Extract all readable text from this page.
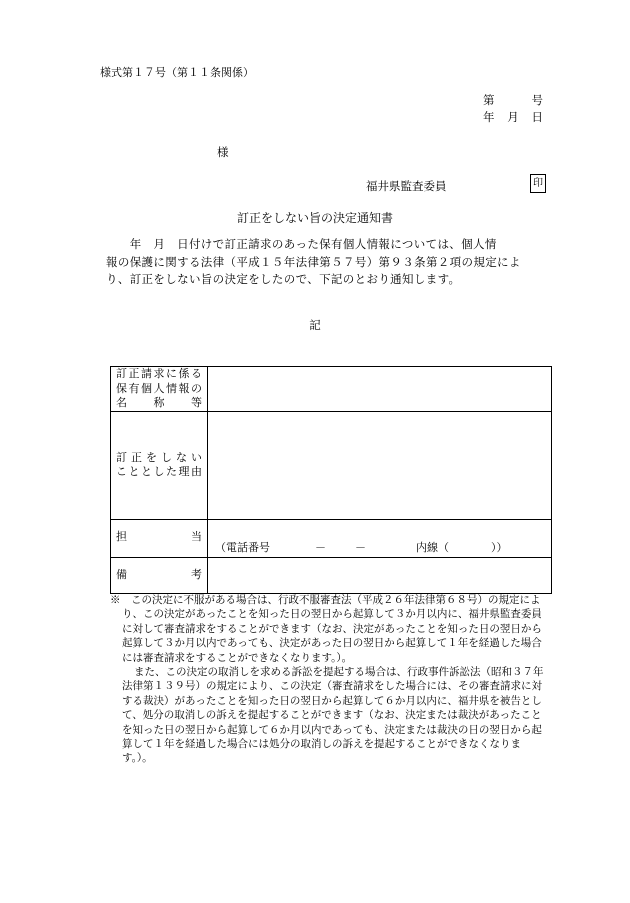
様式第１７号（第１１条関係）
第	号
年 月 日
様
福井県監査委員	印
訂正をしない旨の決定通知書

　　年　月　日付けで訂正請求のあった保有個人情報については、個人情

報の保護に関する法律（平成１５年法律第５７号）第９３条第２項の規定によ

り、訂正をしない旨の決定をしたので、下記のとおり通知します。

記
訂正請求に係る
保有個人情報の
名　　称　　等	

訂 正 を し な い
こととした理由	

担　　　　　当	（電話番号 － － 内線（ ））

備　　　　　考	

※　この決定に不服がある場合は、行政不服審査法（平成２６年法律第６８号）の規定により、この決定があったことを知った日の翌日から起算して３か月以内に、福井県監査委員に対して審査請求をすることができます（なお、決定があったことを知った日の翌日から起算して３か月以内であっても、決定があった日の翌日から起算して１年を経過した場合には審査請求をすることができなくなります。）。

また、この決定の取消しを求める訴訟を提起する場合は、行政事件訴訟法（昭和３７年法律第１３９号）の規定により、この決定（審査請求をした場合には、その審査請求に対する裁決）があったことを知った日の翌日から起算して６か月以内に、福井県を被告として、処分の取消しの訴えを提起することができます（なお、決定または裁決があったことを知った日の翌日から起算して６か月以内であっても、決定または裁決の日の翌日から起算して１年を経過した場合には処分の取消しの訴えを提起することができなくなります。）。
